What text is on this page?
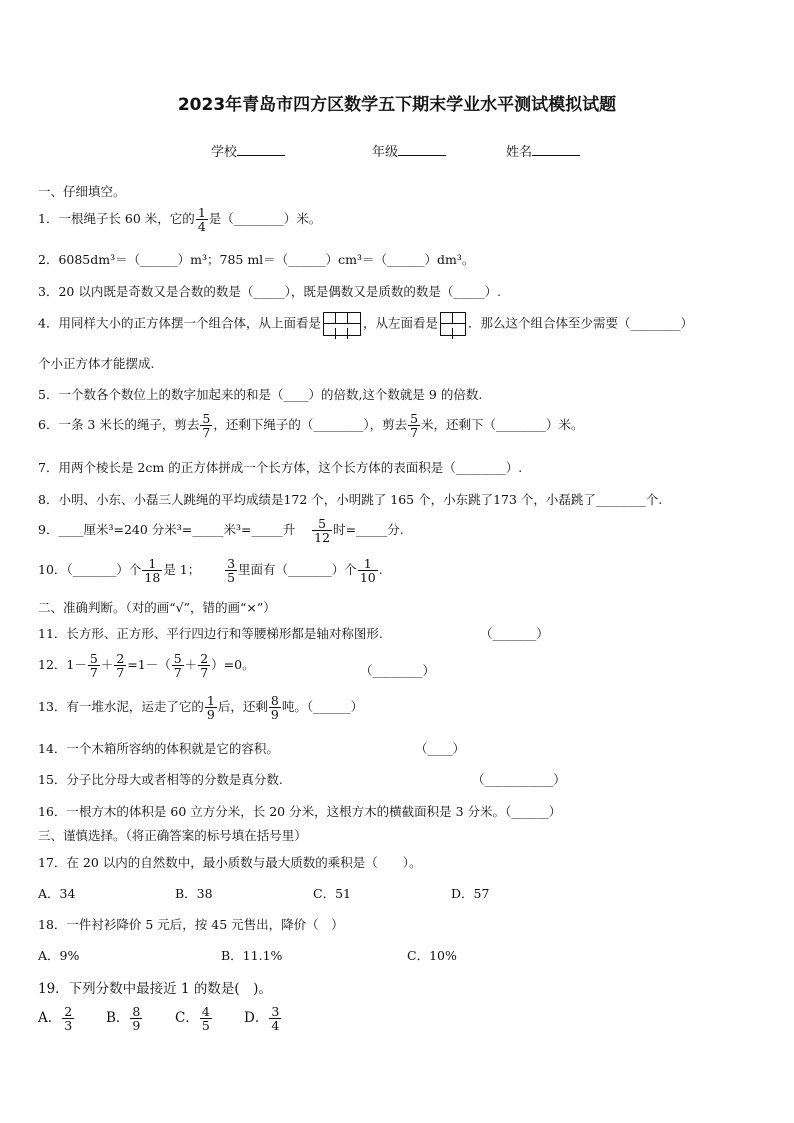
2023年青岛市四方区数学五下期末学业水平测试模拟试题
学校	年级	姓名
一、仔细填空。
1．一根绳子长 60 米，它的 $\frac{1}{4}$ 是（________）米。
2．6085dm³＝（______）m³；785 ml＝（______）cm³＝（______）dm³。
3．20 以内既是奇数又是合数的数是（_____），既是偶数又是质数的数是（_____）.
4．用同样大小的正方体摆一个组合体，从上面看是	，从左面看是 ．那么这个组合体至少需要（________）
个小正方体才能摆成.
5．一个数各个数位上的数字加起来的和是（____）的倍数,这个数就是 9 的倍数.
6．一条 3 米长的绳子，剪去 $\frac{5}{7}$ ，还剩下绳子的（________），剪去 $\frac{5}{7}$ 米，还剩下（________）米。
7．用两个棱长是 2cm 的正方体拼成一个长方体，这个长方体的表面积是（________）.
8．小明、小东、小磊三人跳绳的平均成绩是172 个，小明跳了 165 个，小东跳了173 个，小磊跳了________个.
9．____厘米³=240 分米³=_____米³=_____升 $\frac{5}{12}$ 时=_____分.
10．（_______）个 $\frac{1}{18}$ 是 1； $\frac{3}{5}$ 里面有（_______）个 $\frac{1}{10}$ .
二、准确判断。（对的画“√”，错的画“×”）
11．长方形、正方形、平行四边行和等腰梯形都是轴对称图形.	（_______）
12．$1- \frac{5}{7} + \frac{2}{7} =1-( \frac{5}{7} + \frac{2}{7} )=0$。	（________）
13．有一堆水泥，运走了它的 $\frac{1}{9}$ 后，还剩 $\frac{8}{9}$ 吨。（______）
14．一个木箱所容纳的体积就是它的容积。	（____）
15．分子比分母大或者相等的分数是真分数.	（___________）
16．一根方木的体积是 60 立方分米，长 20 分米，这根方木的横截面积是 3 分米。（______）
三、谨慎选择。（将正确答案的标号填在括号里）
17．在 20 以内的自然数中，最小质数与最大质数的乘积是（　　）。
A．34	B．38	C．51	D．57
18．一件衬衫降价 5 元后，按 45 元售出，降价（　）
A．9%	B．11.1%	C．10%
19．下列分数中最接近 1 的数是(　)。
A． $\frac{2}{3}$ B． $\frac{8}{9}$ C． $\frac{4}{5}$ D． $\frac{3}{4}$
